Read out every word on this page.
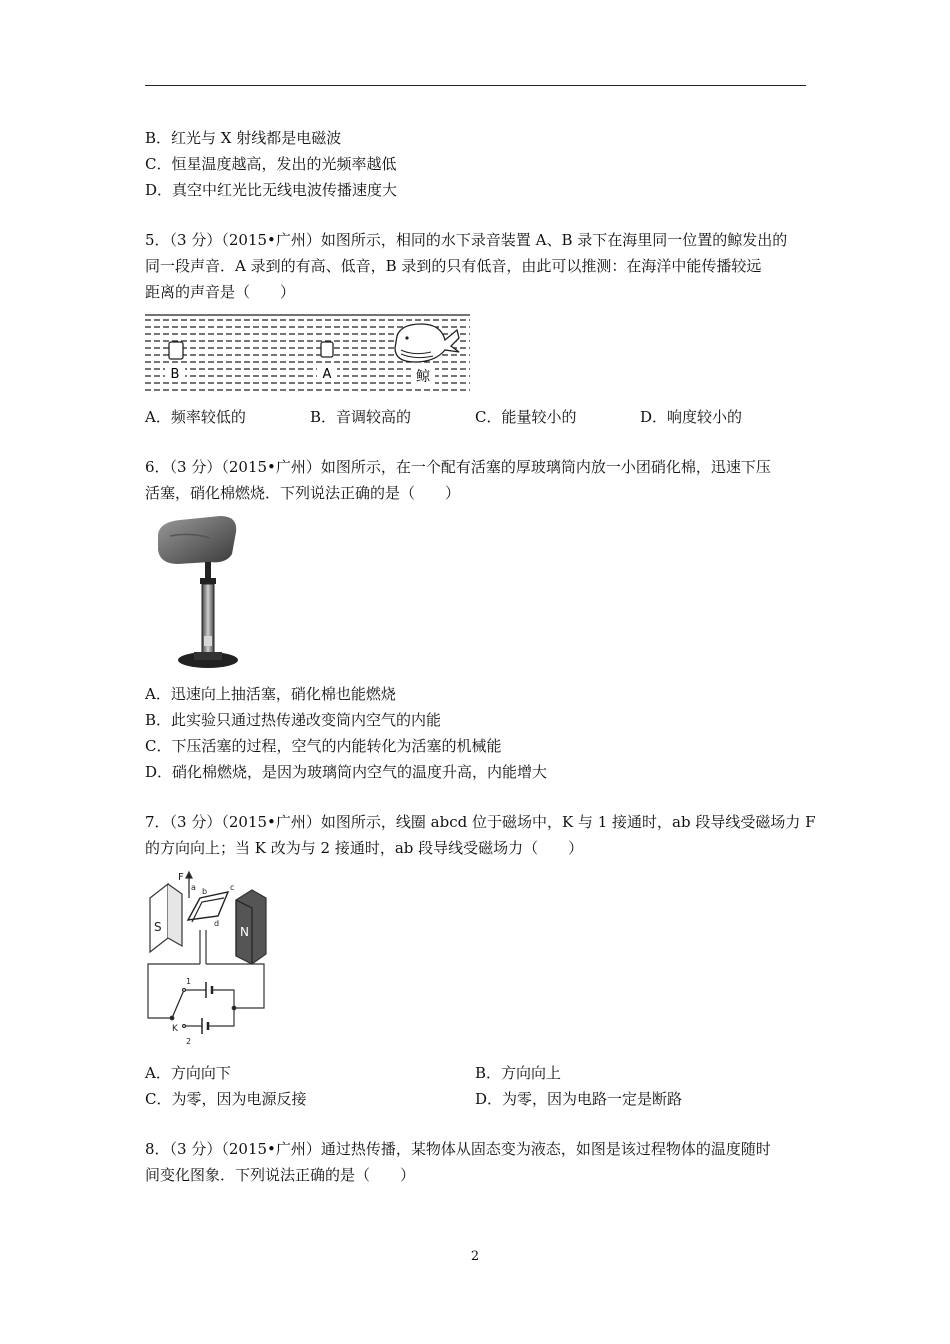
B．红光与 X 射线都是电磁波
C．恒星温度越高，发出的光频率越低
D．真空中红光比无线电波传播速度大
5．（3 分）（2015•广州）如图所示，相同的水下录音装置 A、B 录下在海里同一位置的鲸发出的
同一段声音．A 录到的有高、低音，B 录到的只有低音，由此可以推测：在海洋中能传播较远
距离的声音是（　　）
B	A	鲸
A．频率较低的	B．音调较高的	C．能量较小的	D．响度较小的
6．（3 分）（2015•广州）如图所示，在一个配有活塞的厚玻璃筒内放一小团硝化棉，迅速下压
活塞，硝化棉燃烧．下列说法正确的是（　　）
A．迅速向上抽活塞，硝化棉也能燃烧
B．此实验只通过热传递改变筒内空气的内能
C．下压活塞的过程，空气的内能转化为活塞的机械能
D．硝化棉燃烧，是因为玻璃筒内空气的温度升高，内能增大
7．（3 分）（2015•广州）如图所示，线圈 abcd 位于磁场中，K 与 1 接通时，ab 段导线受磁场力 F
的方向向上；当 K 改为与 2 接通时，ab 段导线受磁场力（　　）
F
S	N
a b	c
d
K
1
2
A．方向向下	B．方向向上
C．为零，因为电源反接	D．为零，因为电路一定是断路
8．（3 分）（2015•广州）通过热传播，某物体从固态变为液态，如图是该过程物体的温度随时
间变化图象．下列说法正确的是（　　）
2
